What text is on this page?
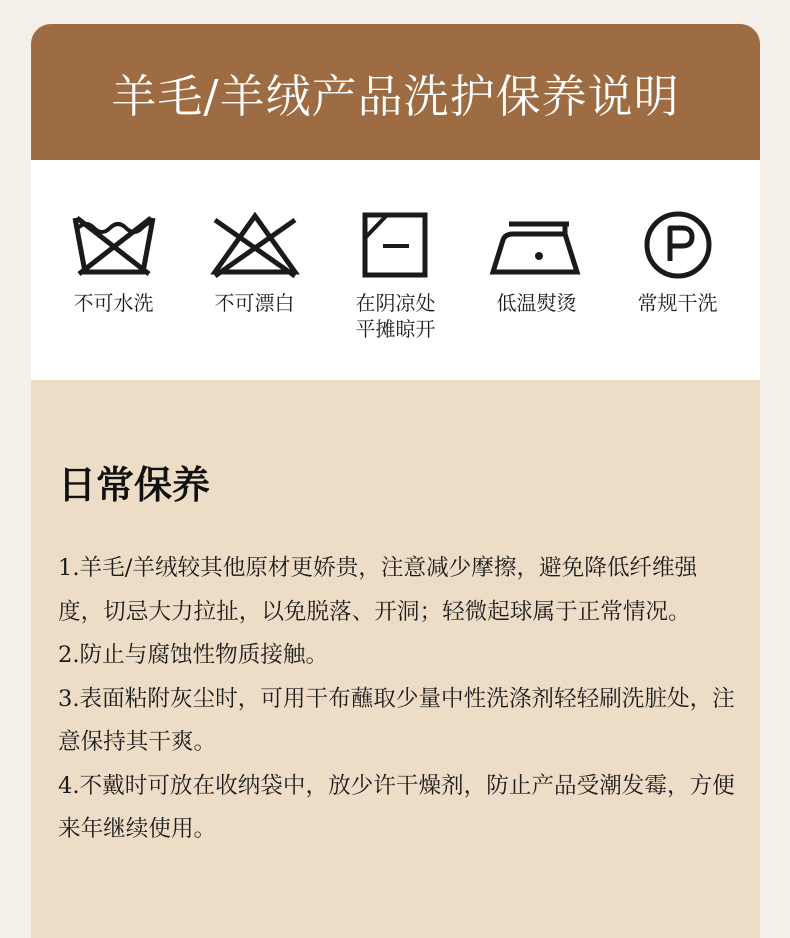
羊毛/羊绒产品洗护保养说明
不可水洗	不可漂白	在阴凉处
平摊晾开
低温熨烫	常规干洗
日常保养

1.羊毛/羊绒较其他原材更娇贵，注意减少摩擦，避免降低纤维强度，切忌大力拉扯，以免脱落、开洞；轻微起球属于正常情况。

2.防止与腐蚀性物质接触。

3.表面粘附灰尘时，可用干布蘸取少量中性洗涤剂轻轻刷洗脏处，注意保持其干爽。

4.不戴时可放在收纳袋中，放少许干燥剂，防止产品受潮发霉，方便来年继续使用。
